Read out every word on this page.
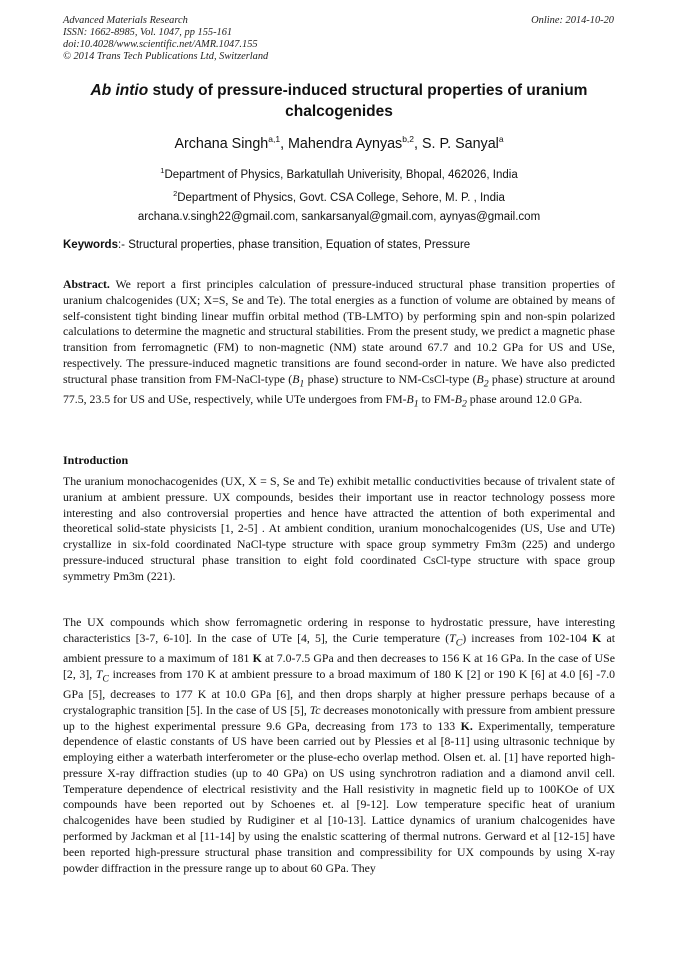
Advanced Materials Research
ISSN: 1662-8985, Vol. 1047, pp 155-161
doi:10.4028/www.scientific.net/AMR.1047.155
© 2014 Trans Tech Publications Ltd, Switzerland
Online: 2014-10-20
Ab intio study of pressure-induced structural properties of uranium chalcogenides
Archana Singh$^{a,1}$, Mahendra Aynyas$^{b,2}$, S. P. Sanyal$^a$
$^1$Department of Physics, Barkatullah Univerisity, Bhopal, 462026, India
$^2$Department of Physics, Govt. CSA College, Sehore, M. P. , India
archana.v.singh22@gmail.com, sankarsanyal@gmail.com, aynyas@gmail.com
Keywords:- Structural properties, phase transition, Equation of states, Pressure
Abstract. We report a first principles calculation of pressure-induced structural phase transition properties of uranium chalcogenides (UX; X=S, Se and Te). The total energies as a function of volume are obtained by means of self-consistent tight binding linear muffin orbital method (TB-LMTO) by performing spin and non-spin polarized calculations to determine the magnetic and structural stabilities. From the present study, we predict a magnetic phase transition from ferromagnetic (FM) to non-magnetic (NM) state around 67.7 and 10.2 GPa for US and USe, respectively. The pressure-induced magnetic transitions are found second-order in nature. We have also predicted structural phase transition from FM-NaCl-type ($B_1$ phase) structure to NM-CsCl-type ($B_2$ phase) structure at around 77.5, 23.5 for US and USe, respectively, while UTe undergoes from $FM-B_1$ to $FM-B_2$ phase around 12.0 GPa.
Introduction
The uranium monochacogenides (UX, X = S, Se and Te) exhibit metallic conductivities because of trivalent state of uranium at ambient pressure. UX compounds, besides their important use in reactor technology possess more interesting and also controversial properties and hence have attracted the attention of both experimental and theoretical solid-state physicists [1, 2-5] . At ambient condition, uranium monochalcogenides (US, Use and UTe) crystallize in six-fold coordinated NaCl-type structure with space group symmetry Fm3m (225) and undergo pressure-induced structural phase transition to eight fold coordinated CsCl-type structure with space group symmetry Pm3m (221).
The UX compounds which show ferromagnetic ordering in response to hydrostatic pressure, have interesting characteristics [3-7, 6-10]. In the case of UTe [4, 5], the Curie temperature $(T_C)$ increases from 102-104 K at ambient pressure to a maximum of 181 K at 7.0-7.5 GPa and then decreases to 156 K at 16 GPa. In the case of USe [2, 3], $T_C$ increases from 170 K at ambient pressure to a broad maximum of 180 K [2] or 190 K [6] at 4.0 [6] -7.0 GPa [5], decreases to 177 K at 10.0 GPa [6], and then drops sharply at higher pressure perhaps because of a crystalographic transition [5]. In the case of US [5], Tc decreases monotonically with pressure from ambient pressure up to the highest experimental pressure 9.6 GPa, decreasing from 173 to 133 K. Experimentally, temperature dependence of elastic constants of US have been carried out by Plessies et al [8-11] using ultrasonic technique by employing either a waterbath interferometer or the pluse-echo overlap method. Olsen et. al. [1] have reported high-pressure X-ray diffraction studies (up to 40 GPa) on US using synchrotron radiation and a diamond anvil cell. Temperature dependence of electrical resistivity and the Hall resistivity in magnetic field up to 100KOe of UX compounds have been reported out by Schoenes et. al [9-12]. Low temperature specific heat of uranium chalcogenides have been studied by Rudiginer et al [10-13]. Lattice dynamics of uranium chalcogenides have performed by Jackman et al [11-14] by using the enalstic scattering of thermal nutrons. Gerward et al [12-15] have been reported high-pressure structural phase transition and compressibility for UX compounds by using X-ray powder diffraction in the pressure range up to about 60 GPa. They
